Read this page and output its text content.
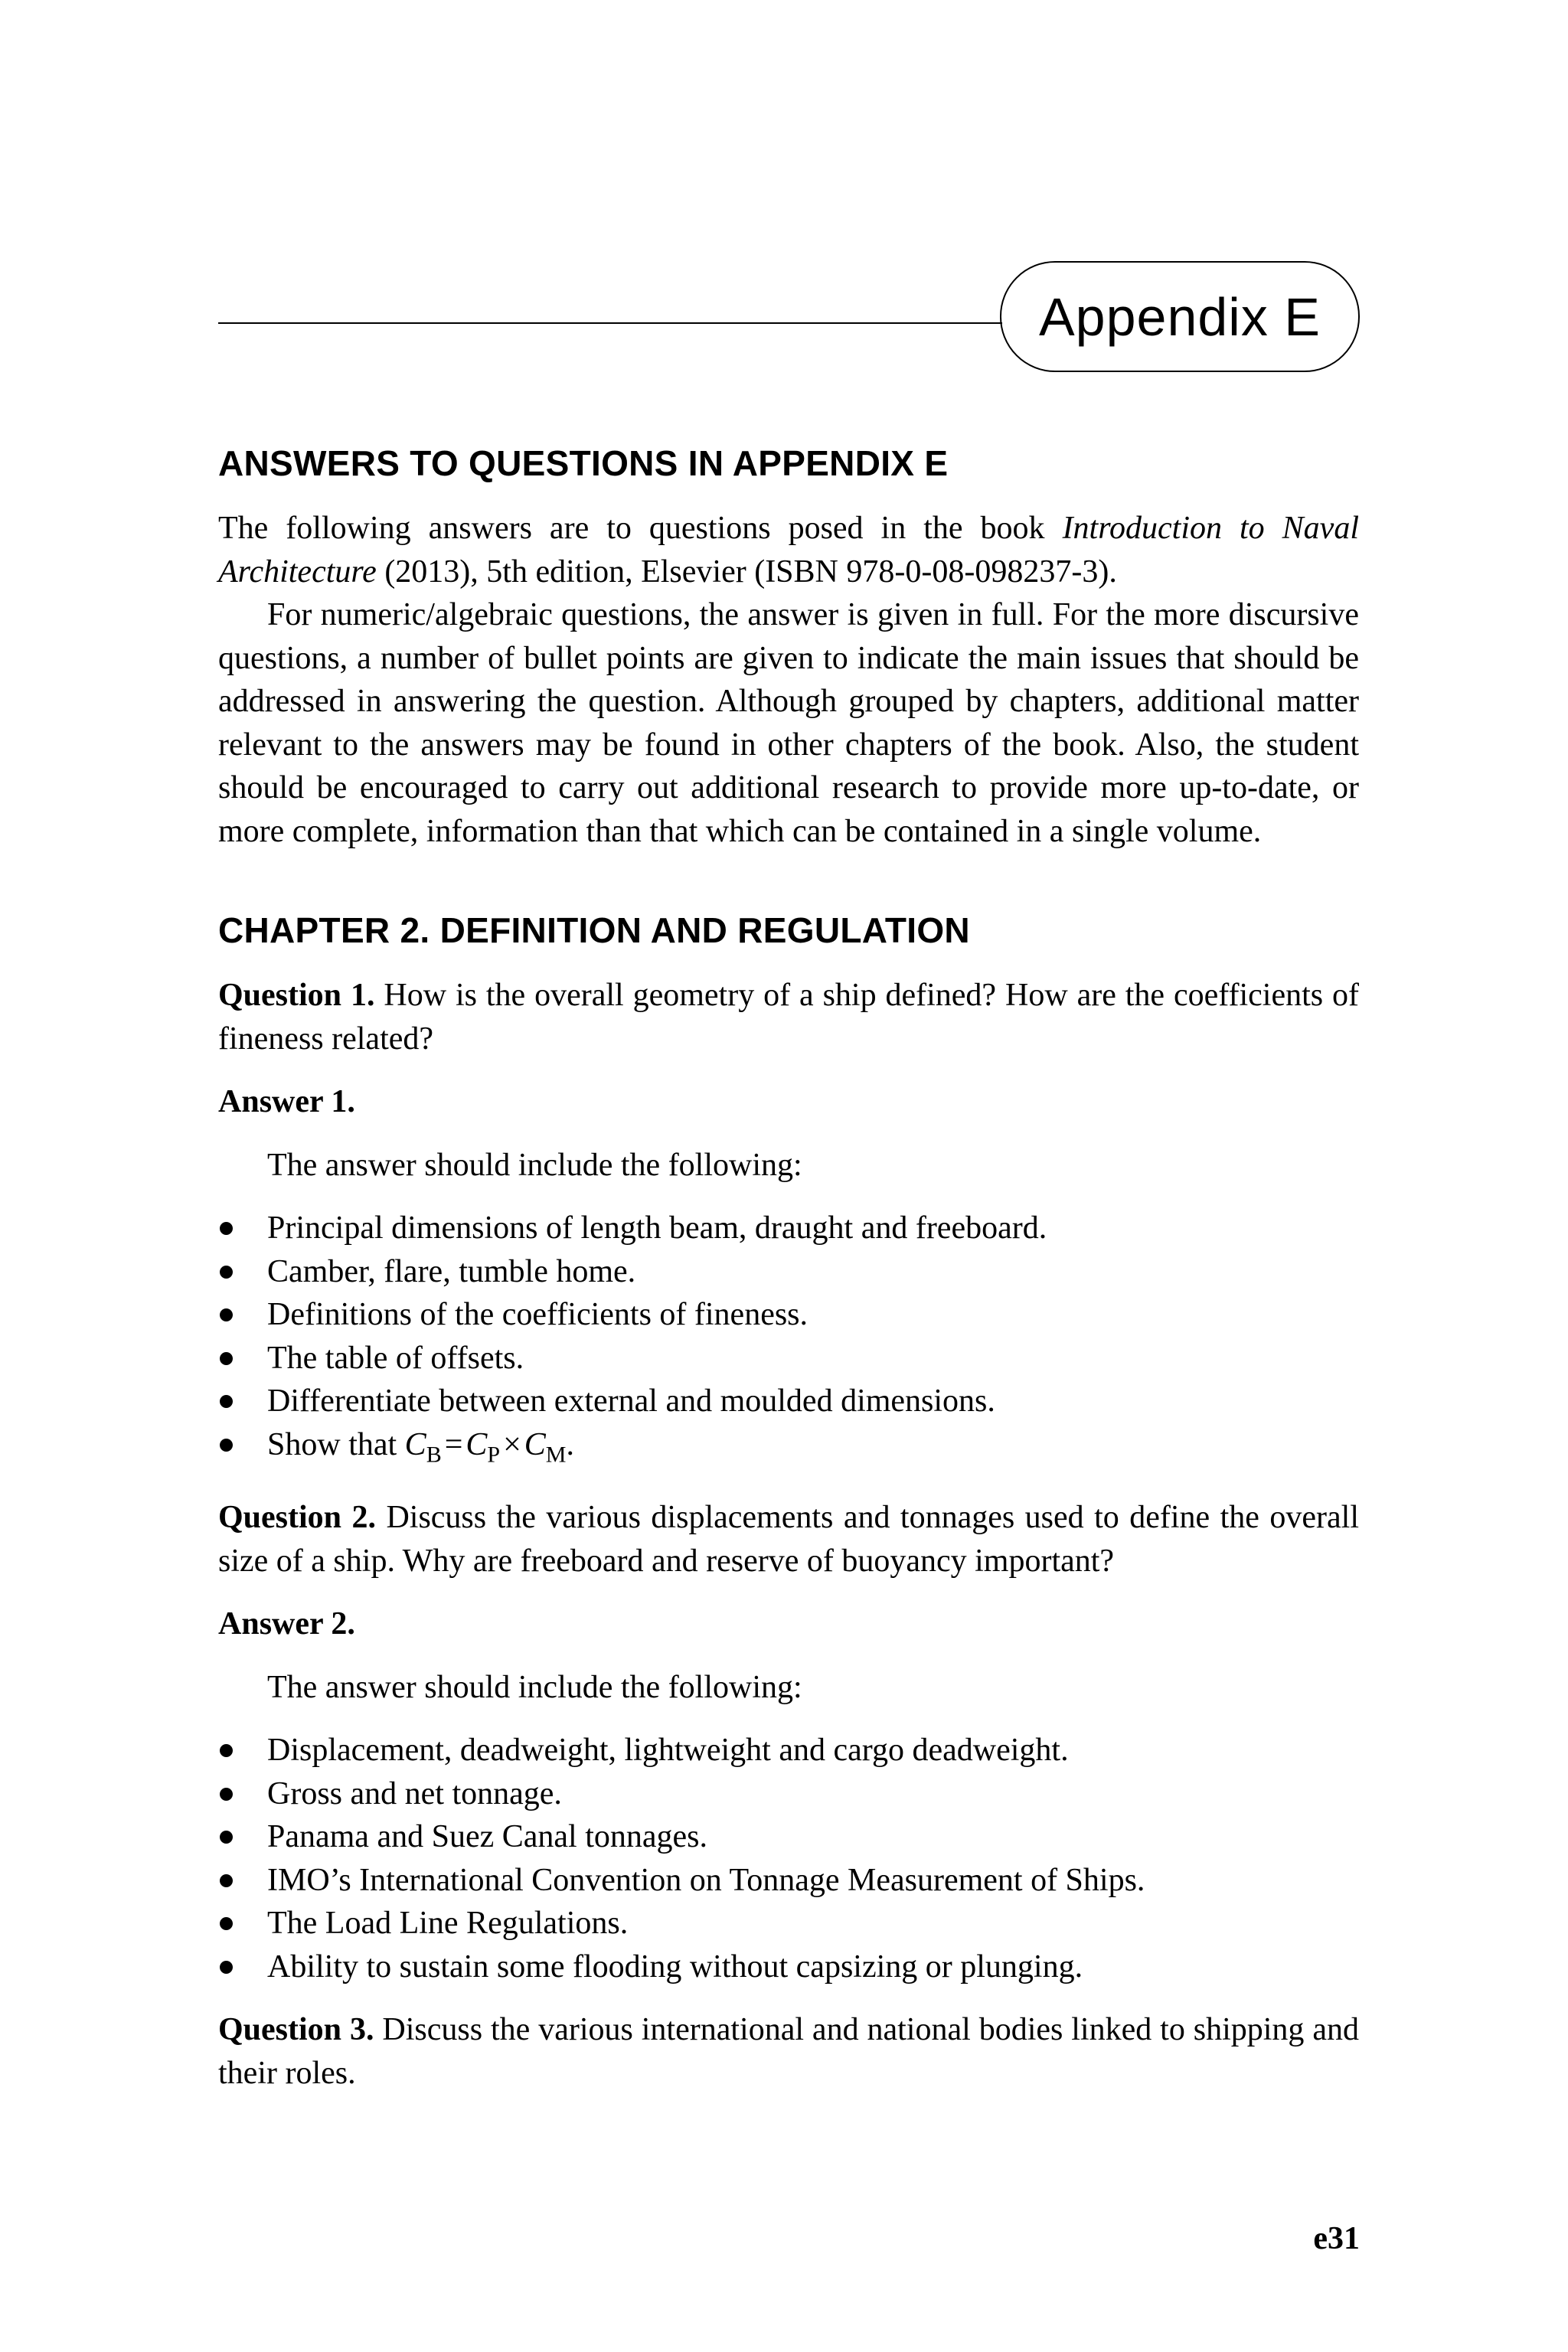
Appendix E
ANSWERS TO QUESTIONS IN APPENDIX E

The following answers are to questions posed in the book Introduction to Naval Architecture (2013), 5th edition, Elsevier (ISBN 978-0-08-098237-3).

For numeric/algebraic questions, the answer is given in full. For the more discursive questions, a number of bullet points are given to indicate the main issues that should be addressed in answering the question. Although grouped by chapters, additional matter relevant to the answers may be found in other chapters of the book. Also, the student should be encouraged to carry out additional research to provide more up-to-date, or more complete, information than that which can be contained in a single volume.

CHAPTER 2. DEFINITION AND REGULATION

Question 1. How is the overall geometry of a ship defined? How are the coefficients of fineness related?

Answer 1.
The answer should include the following:
Principal dimensions of length beam, draught and freeboard.
Camber, flare, tumble home.
Definitions of the coefficients of fineness.
The table of offsets.
Differentiate between external and moulded dimensions.
Show that $C_B=C_P\times C_M$.

Question 2. Discuss the various displacements and tonnages used to define the overall size of a ship. Why are freeboard and reserve of buoyancy important?

Answer 2.
The answer should include the following:
Displacement, deadweight, lightweight and cargo deadweight.
Gross and net tonnage.
Panama and Suez Canal tonnages.
IMO’s International Convention on Tonnage Measurement of Ships.
The Load Line Regulations.
Ability to sustain some flooding without capsizing or plunging.

Question 3. Discuss the various international and national bodies linked to shipping and their roles.

e31
